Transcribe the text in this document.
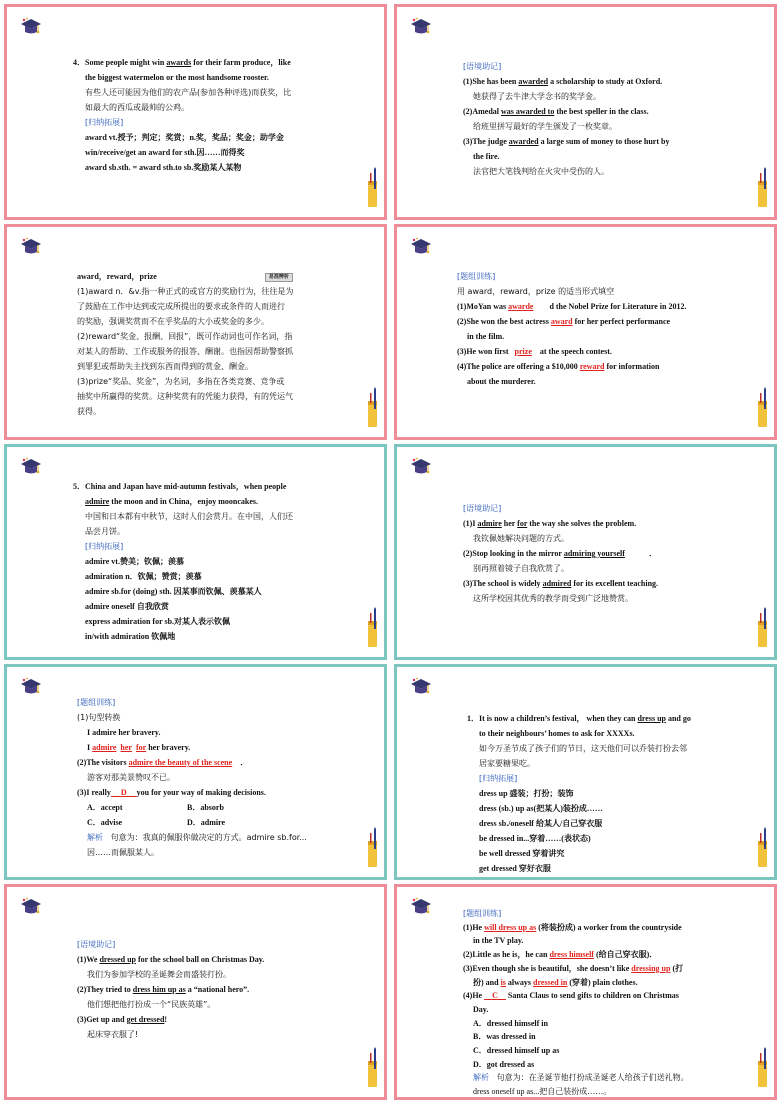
4．Some people might win awards for their farm produce，like

the biggest watermelon or the most handsome rooster.

有些人还可能因为他们的农产品(参加各种评选)而获奖，比

如最大的西瓜或最帅的公鸡。

[归纳拓展]

award vt.授予；判定；奖赏；n.奖，奖品；奖金；助学金

win/receive/get an award for sth.因……而得奖

award sb.sth. = award sth.to sb.奖励某人某物

[语境助记]

(1)She has been awarded a scholarship to study at Oxford.

她获得了去牛津大学念书的奖学金。

(2)Amedal was awarded to the best speller in the class.

给班里拼写最好的学生颁发了一枚奖章。

(3)The judge awarded a large sum of money to those hurt by

the fire.

法官把大笔钱判给在火灾中受伤的人。

award，reward，prize	易混辨析

(1)award n．&v.指一种正式的或官方的奖励行为，往往是为

了鼓励在工作中达到或完成所提出的要求或条件的人而进行

的奖励，强调奖赏而不在乎奖品的大小或奖金的多少。

(2)reward“奖金、报酬、回报”，既可作动词也可作名词，指

对某人的帮助、工作或服务的报答、酬谢。也指因帮助警察抓

到罪犯或帮助失主找到东西而得到的赏金、酬金。

(3)prize“奖品、奖金”，为名词，多指在各类竞赛、竞争或

抽奖中所赢得的奖赏。这种奖赏有的凭能力获得，有的凭运气

获得。

[题组训练]

用 award，reward，prize 的适当形式填空

(1)MoYan was awarde d the Nobel Prize for Literature in 2012.

(2)She won the best actress award for her perfect performance

in the film.

(3)He won first   prize    at the speech contest.

(4)The police are offering a $10,000 reward for information

about the murderer.

5．China and Japan have mid-autumn festivals，when people

admire the moon and in China，enjoy mooncakes.

中国和日本都有中秋节，这时人们会赏月。在中国，人们还

品尝月饼。

[归纳拓展]

admire vt.赞美；钦佩；羡慕

admiration n．钦佩；赞赏；羡慕

admire sb.for (doing) sth. 因某事而钦佩、羡慕某人

admire oneself 自我欣赏

express admiration for sb.对某人表示钦佩

in/with admiration 钦佩地

[语境助记]

(1)I admire her for the way she solves the problem.

我钦佩她解决问题的方式。

(2)Stop looking in the mirror admiring yourself	．

别再照着镜子自我欣赏了。

(3)The school is widely admired for its excellent teaching.

这所学校因其优秀的教学而受到广泛地赞赏。

[题组训练]

(1)句型转换

I admire her bravery.

I admire her for her bravery.

(2)The visitors admire the beauty of the scene ．

游客对那美景赞叹不已。

(3)I really D you for your way of making decisions.

A．accept	B．absorb

C．advise	D．admire

解析 句意为：我真的佩服你做决定的方式。admire sb.for...

因……而佩服某人。

1．It is now a children’s festival， when they can dress up and go

to their neighbours’ homes to ask for XXXXs.

如今万圣节成了孩子们的节日，这天他们可以乔装打扮去邻

居家要糖果吃。

[归纳拓展]

dress up 盛装；打扮；装饰

dress (sb.) up as(把某人)装扮成……

dress sb./oneself 给某人/自己穿衣服

be dressed in...穿着……(表状态)

be well dressed 穿着讲究

get dressed 穿好衣服

[语境助记]

(1)We dressed up for the school ball on Christmas Day.

我们为参加学校的圣诞舞会而盛装打扮。

(2)They tried to dress him up as a “national hero”.

他们想把他打扮成一个“民族英雄”。

(3)Get up and get dressed!

起床穿衣服了!

[题组训练]

(1)He will dress up as (将装扮成) a worker from the countryside

in the TV play.

(2)Little as he is，he can dress himself (给自己穿衣服)．

(3)Even though she is beautiful，she doesn’t like dressing up (打

扮) and is always dressed in (穿着) plain clothes.

(4)He     C     Santa Claus to send gifts to children on Christmas

Day.

A．dressed himself in

B．was dressed in

C．dressed himself up as

D．got dressed as

解析 句意为：在圣诞节他打扮成圣诞老人给孩子们送礼物。

dress oneself up as...把自己装扮成……。
